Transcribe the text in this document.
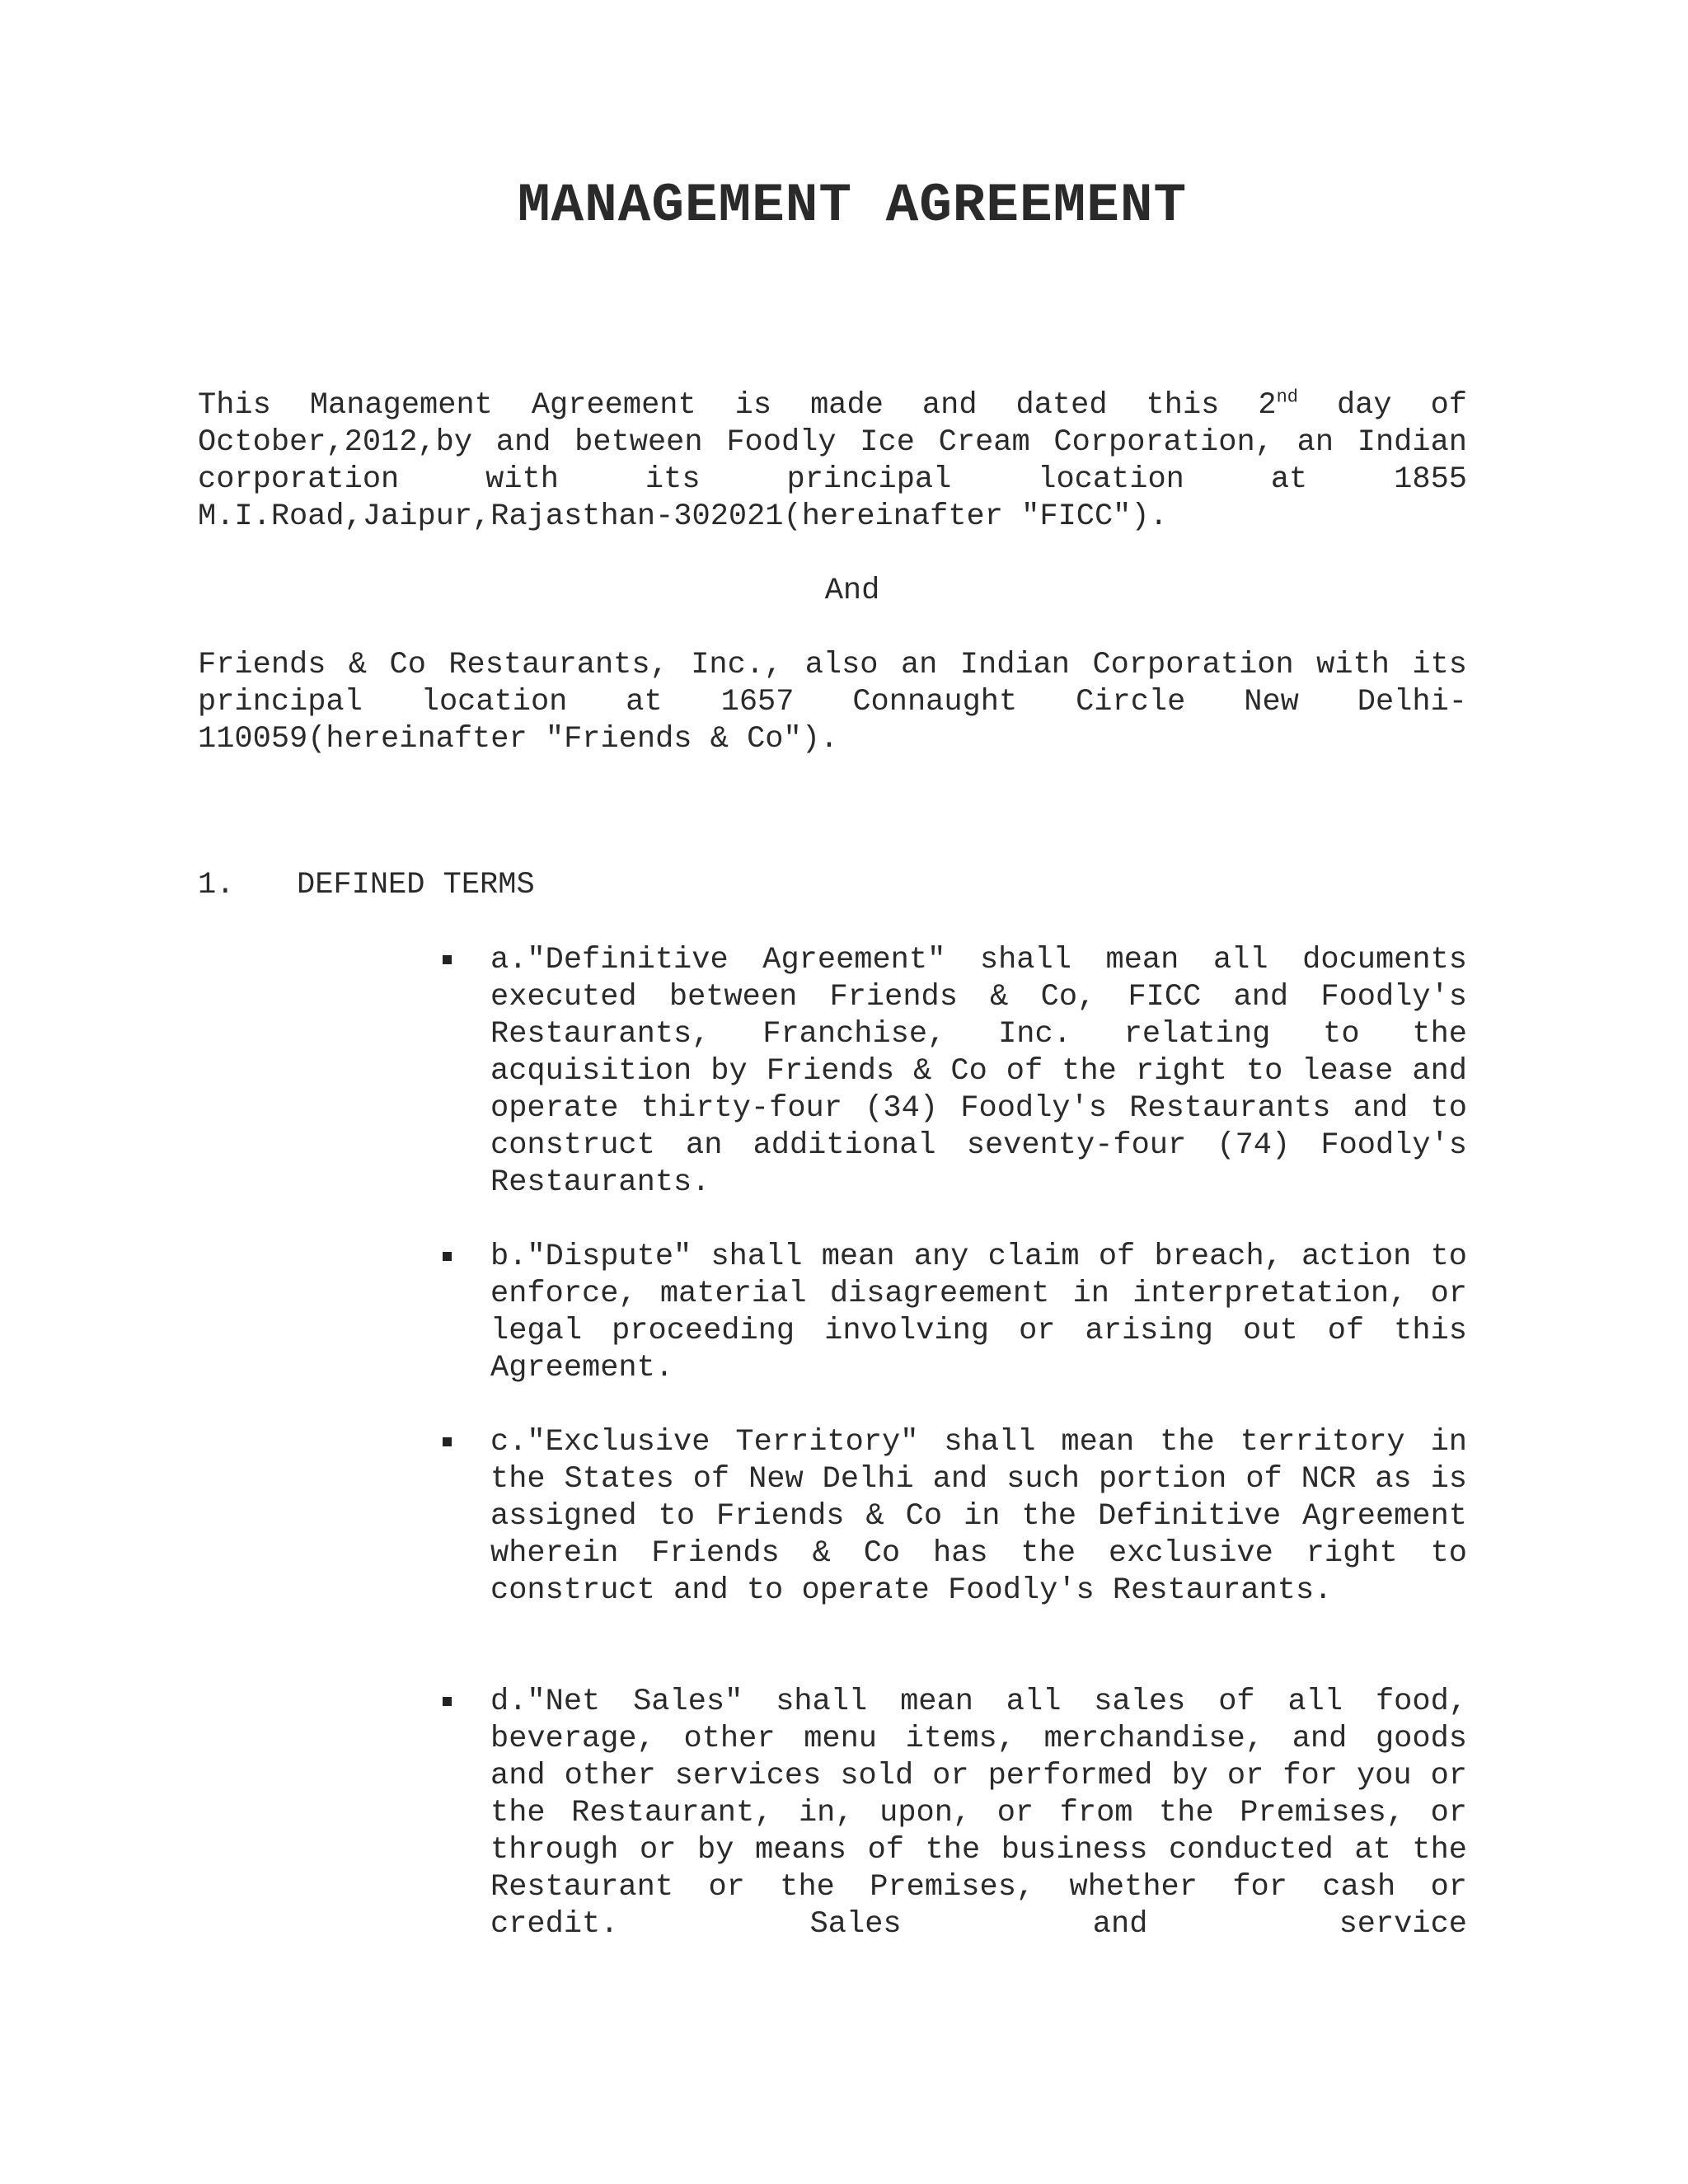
MANAGEMENT AGREEMENT

This Management Agreement is made and dated this 2nd day of October,2012,by and between Foodly Ice Cream Corporation, an Indian corporation with its principal location at 1855 M.I.Road,Jaipur,Rajasthan-302021(hereinafter "FICC").

And

Friends & Co Restaurants, Inc., also an Indian Corporation with its principal location at 1657 Connaught Circle New Delhi-110059(hereinafter "Friends & Co").

1. DEFINED TERMS

a."Definitive Agreement" shall mean all documents executed between Friends & Co, FICC and Foodly's Restaurants, Franchise, Inc. relating to the acquisition by Friends & Co of the right to lease and operate thirty-four (34) Foodly's Restaurants and to construct an additional seventy-four (74) Foodly's Restaurants.

b."Dispute" shall mean any claim of breach, action to enforce, material disagreement in interpretation, or legal proceeding involving or arising out of this Agreement.

c."Exclusive Territory" shall mean the territory in the States of New Delhi and such portion of NCR as is assigned to Friends & Co in the Definitive Agreement wherein Friends & Co has the exclusive right to construct and to operate Foodly's Restaurants.

d."Net Sales" shall mean all sales of all food, beverage, other menu items, merchandise, and goods and other services sold or performed by or for you or the Restaurant, in, upon, or from the Premises, or through or by means of the business conducted at the Restaurant or the Premises, whether for cash or credit. Sales and service
